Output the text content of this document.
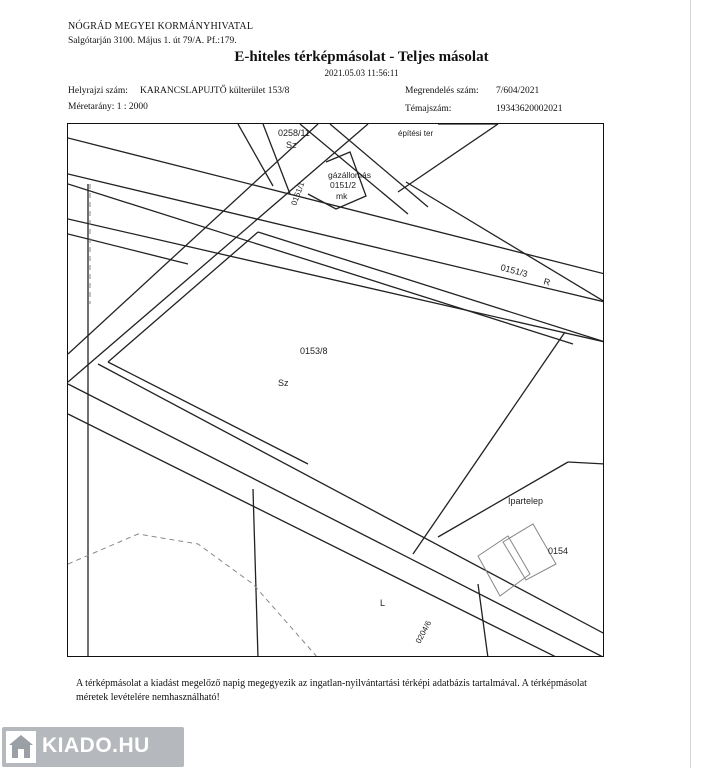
NÓGRÁD MEGYEI KORMÁNYHIVATAL
Salgótarján 3100. Május 1. út 79/A. Pf.:179.
E-hiteles térképmásolat - Teljes másolat
2021.05.03 11:56:11
Helyrajzi szám: KARANCSLAPUJTŐ külterület 153/8	Megrendelés szám: 7/604/2021
Méretarány: 1 : 2000	Témajszám:	19343620002021
0258/11
Sz
építési ter
gázállomás
0151/2
mk
0151/1
0151/3
R
0153/8
Sz
Ipartelep
0154
L
0204/6
A térképmásolat a kiadást megelőző napig megegyezik az ingatlan-nyilvántartási térképi adatbázis tartalmával. A térképmásolat méretek levételére nemhasználható!
KIADO.HU
